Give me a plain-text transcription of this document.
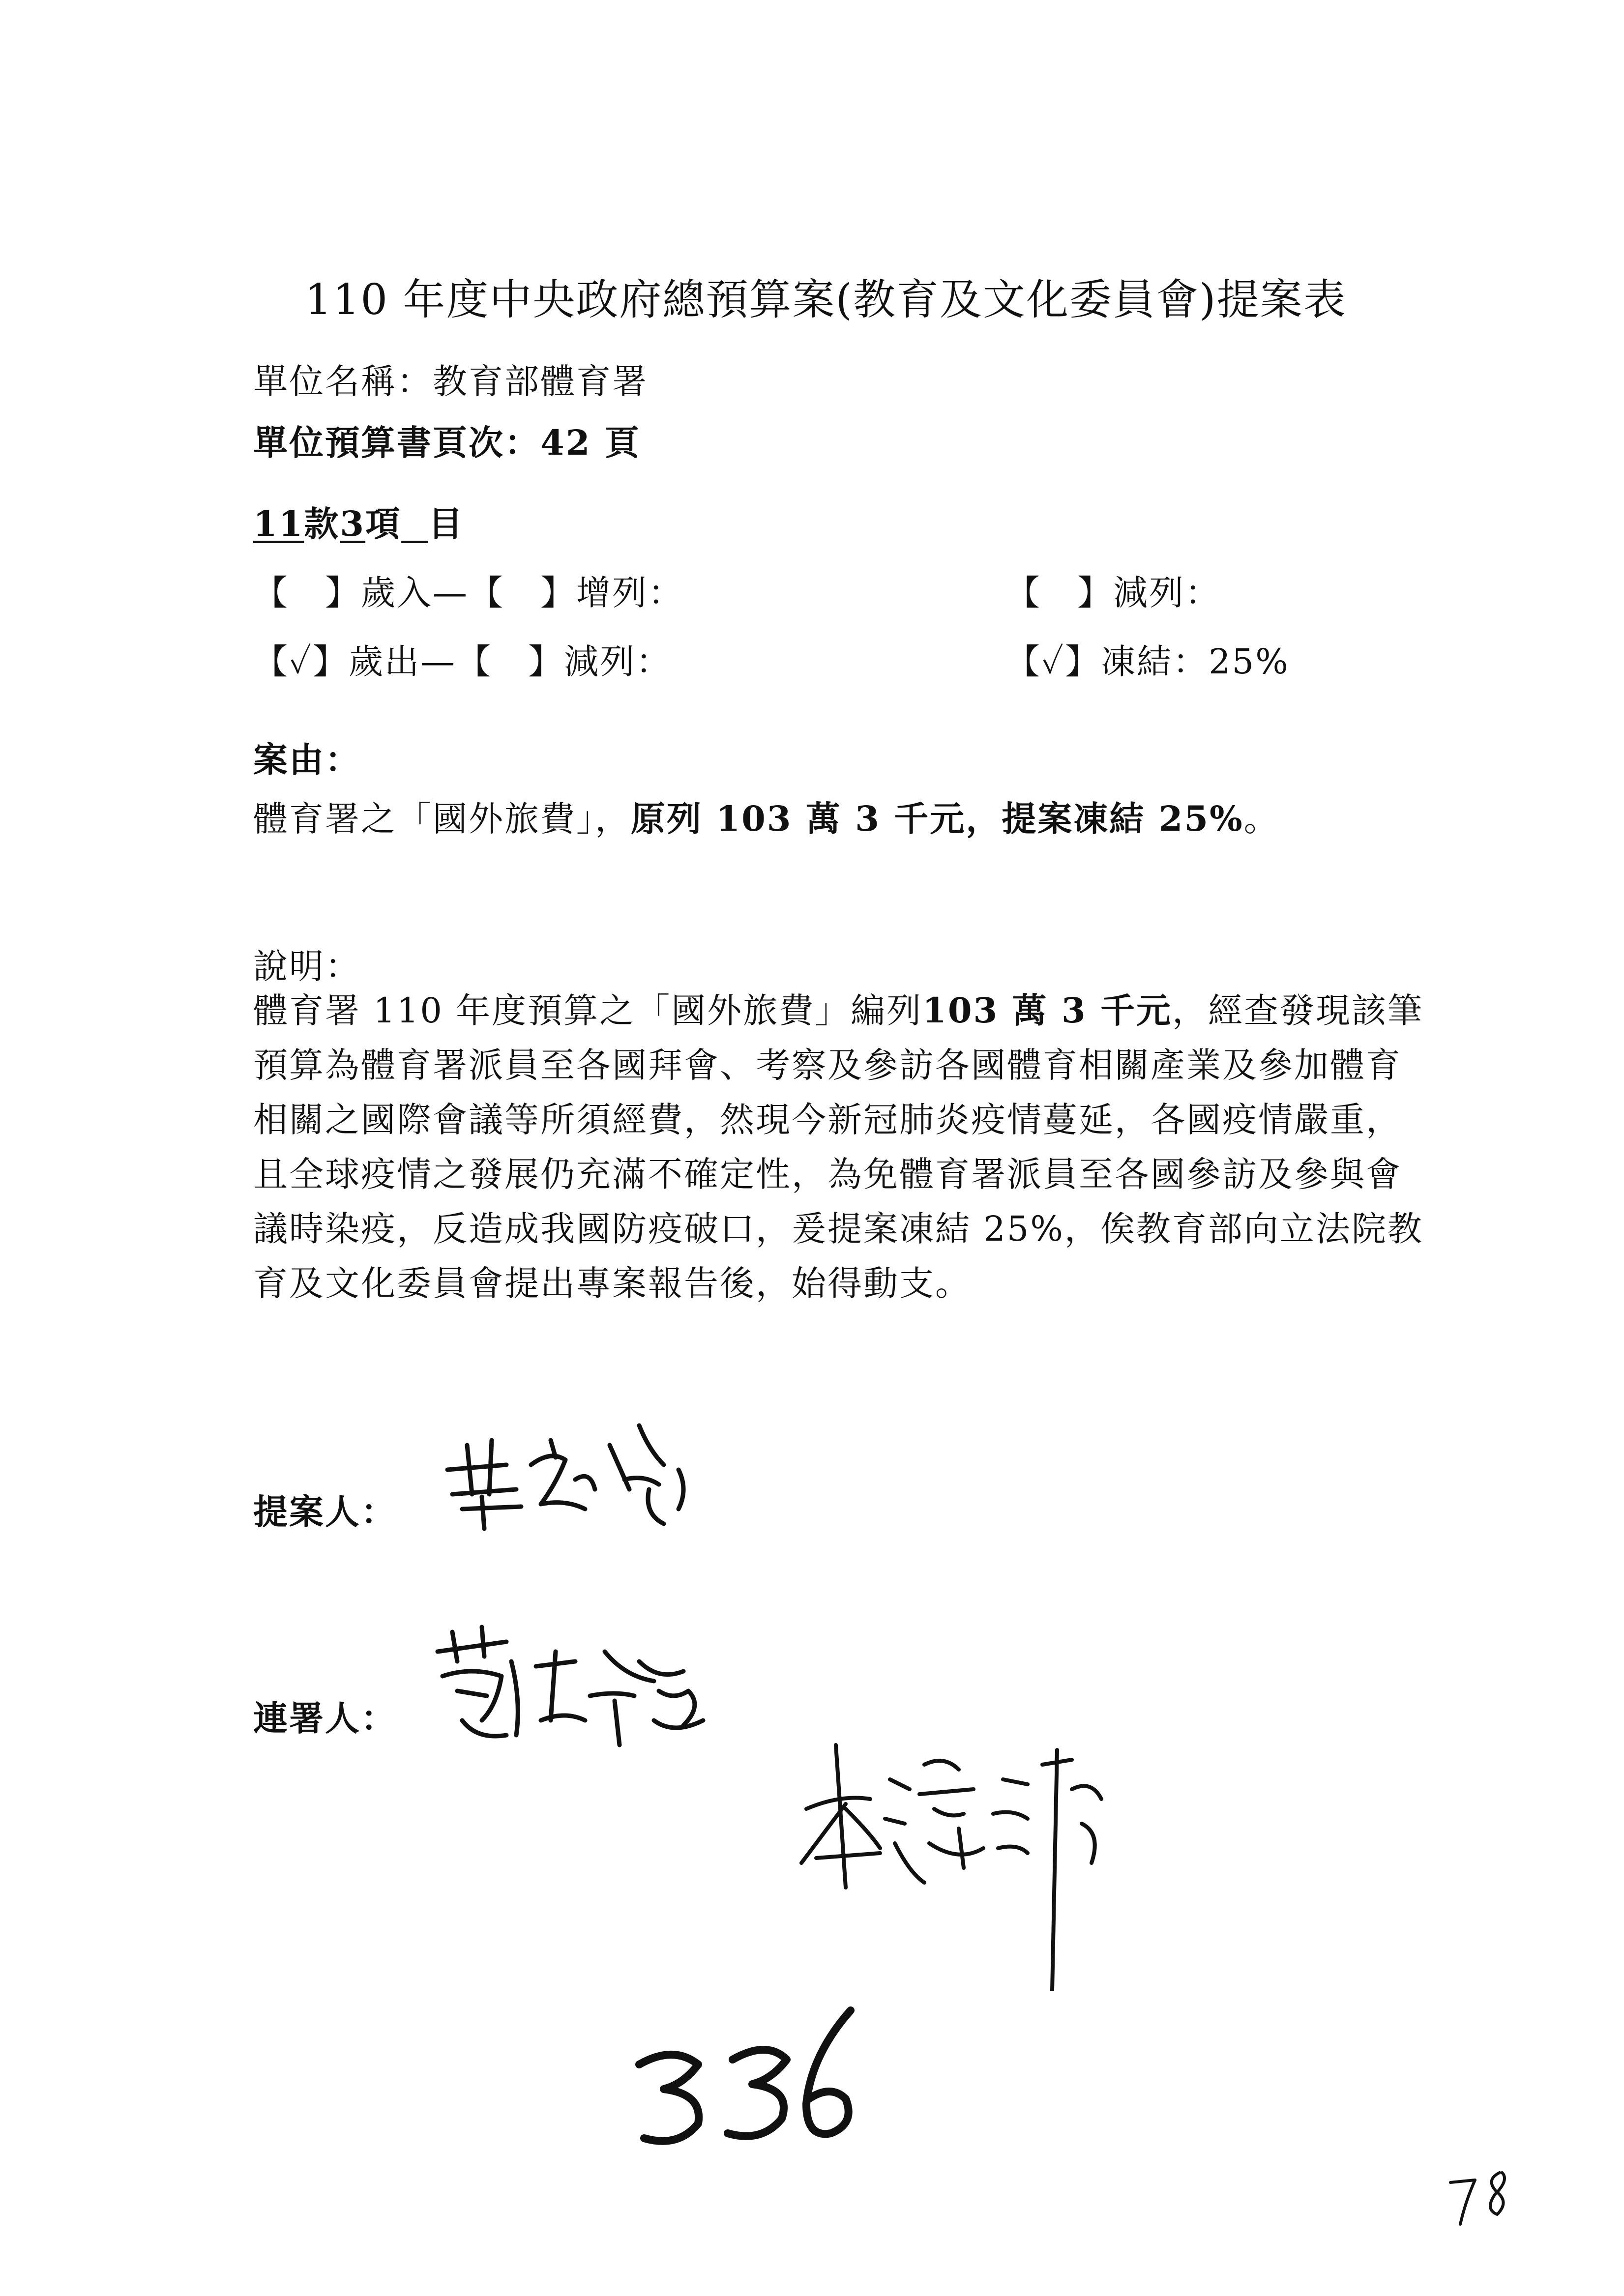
110 年度中央政府總預算案(教育及文化委員會)提案表
單位名稱：教育部體育署
單位預算書頁次：42 頁
11款3項 目
【　】歲入—【　】增列：	【　】減列：
【✓】歲出—【　】減列：	【✓】凍結：25%
案由：
體育署之「國外旅費」，原列 103 萬 3 千元，提案凍結 25%。
說明：
體育署 110 年度預算之「國外旅費」編列103 萬 3 千元，經查發現該筆預算為體育署派員至各國拜會、考察及參訪各國體育相關產業及參加體育相關之國際會議等所須經費，然現今新冠肺炎疫情蔓延，各國疫情嚴重，且全球疫情之發展仍充滿不確定性，為免體育署派員至各國參訪及參與會議時染疫，反造成我國防疫破口，爰提案凍結 25%，俟教育部向立法院教育及文化委員會提出專案報告後，始得動支。
提案人：
連署人：
